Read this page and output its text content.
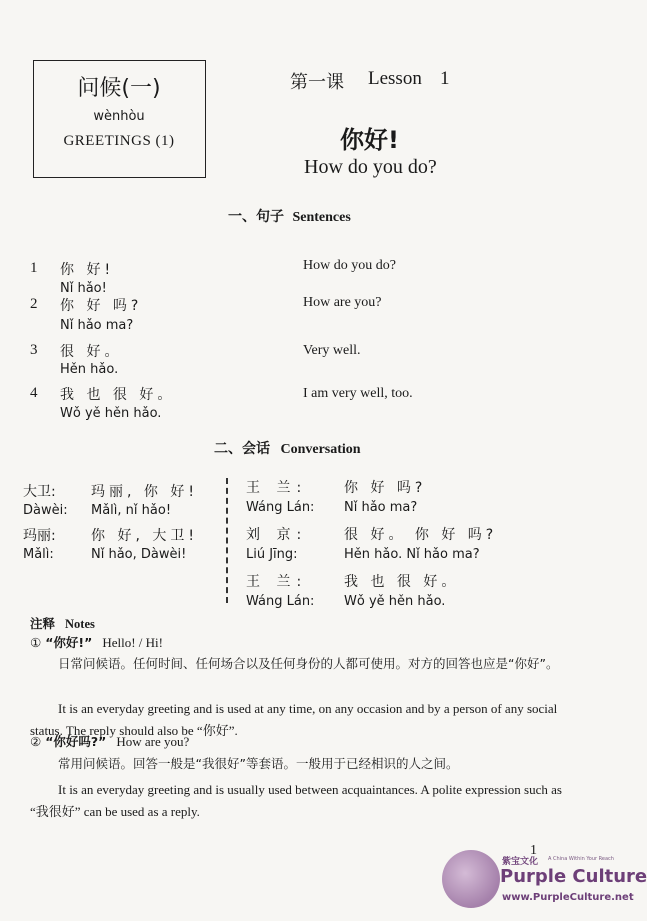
问候(一)
wènhòu
GREETINGS (1)
第一课 Lesson 1
你好!
How do you do?
一、句子 Sentences
1 你 好!
Nǐ hǎo!
How do you do?
2 你 好 吗?
Nǐ hǎo ma?
How are you?
3 很 好。
Hěn hǎo.
Very well.
4 我 也 很 好。
Wǒ yě hěn hǎo.
I am very well, too.
二、会话 Conversation
大卫:	玛丽, 你 好!
Dàwèi: Mǎlì, nǐ hǎo!
玛丽:	你 好, 大卫!
Mǎlì:	Nǐ hǎo, Dàwèi!
王 兰:	你 好 吗?
Wáng Lán: Nǐ hǎo ma?
刘 京:	很 好。 你 好 吗?
Liú Jīng:	Hěn hǎo. Nǐ hǎo ma?
王 兰:	我 也 很 好。
Wáng Lán: Wǒ yě hěn hǎo.
注释 Notes
① “你好!” Hello! / Hi!
日常问候语。任何时间、任何场合以及任何身份的人都可使用。对方的回答也应是“你好”。
It is an everyday greeting and is used at any time, on any occasion and by a person of any social status. The reply should also be “你好”.
② “你好吗?” How are you?
常用问候语。回答一般是“我很好”等套语。一般用于已经相识的人之间。
It is an everyday greeting and is usually used between acquaintances. A polite expression such as “我很好” can be used as a reply.
1
紫宝文化 A China Within Your Reach
Purple Culture
www.PurpleCulture.net
